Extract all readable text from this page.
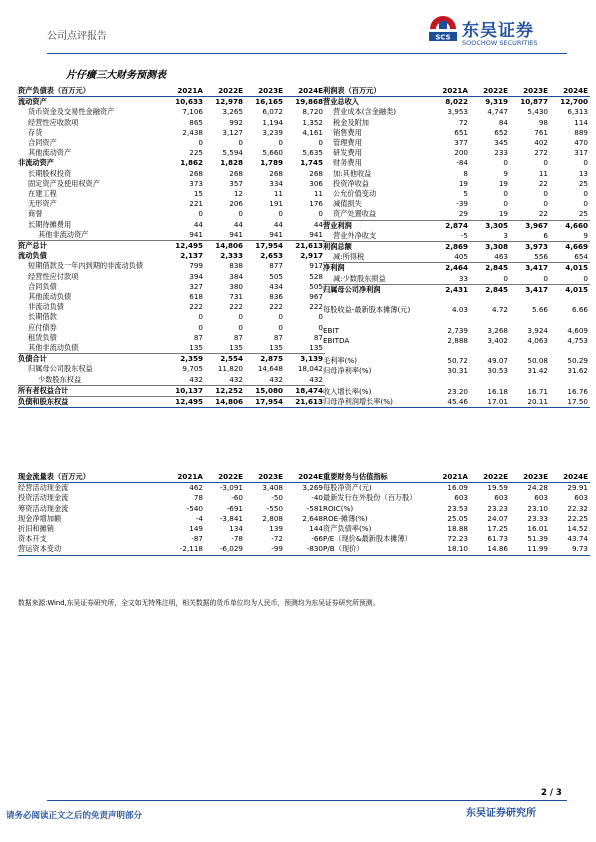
公司点评报告	SCS 东吴证券
SOOCHOW SECURITIES
片仔癀三大财务预测表
资产负债表（百万元）	2021A	2022E	2023E	2024E
流动资产	10,633	12,978	16,165	19,868
货币资金及交易性金融资产	7,106	3,265	6,072	8,720
经营性应收款项	865	992	1,194	1,352
存货	2,438	3,127	3,239	4,161
合同资产	0	0	0	0
其他流动资产	225	5,594	5,660	5,635
非流动资产	1,862	1,828	1,789	1,745
长期股权投资	268	268	268	268
固定资产及使用权资产	373	357	334	306
在建工程	15	12	11	11
无形资产	221	206	191	176
商誉	0	0	0	0
长期待摊费用	44	44	44	44
其他非流动资产	941	941	941	941
资产总计	12,495	14,806	17,954	21,613
流动负债	2,137	2,333	2,653	2,917
短期借款及一年内到期的非流动负债	799	838	877	917
经营性应付款项	394	384	505	528
合同负债	327	380	434	505
其他流动负债	618	731	836	967
非流动负债	222	222	222	222
长期借款	0	0	0	0
应付债券	0	0	0	0
租赁负债	87	87	87	87
其他非流动负债	135	135	135	135
负债合计	2,359	2,554	2,875	3,139
归属母公司股东权益	9,705	11,820	14,648	18,042
少数股东权益	432	432	432	432
所有者权益合计	10,137	12,252	15,080	18,474
负债和股东权益	12,495	14,806	17,954	21,613
利润表（百万元）	2021A	2022E	2023E	2024E
营业总收入	8,022	9,319	10,877	12,700
营业成本(含金融类)	3,953	4,747	5,430	6,313
税金及附加	72	84	98	114
销售费用	651	652	761	889
管理费用	377	345	402	470
研发费用	200	233	272	317
财务费用	-84	0	0	0
加:其他收益	8	9	11	13
投资净收益	19	19	22	25
公允价值变动	5	0	0	0
减值损失	-39	0	0	0
资产处置收益	29	19	22	25
营业利润	2,874	3,305	3,967	4,660
营业外净收支	-5	3	6	9
利润总额	2,869	3,308	3,973	4,669
减:所得税	405	463	556	654
净利润	2,464	2,845	3,417	4,015
减:少数股东损益	33	0	0	0
归属母公司净利润	2,431	2,845	3,417	4,015

每股收益-最新股本摊薄(元)	4.03	4.72	5.66	6.66

EBIT	2,739	3,268	3,924	4,609
EBITDA	2,888	3,402	4,063	4,753

毛利率(%)	50.72	49.07	50.08	50.29
归母净利率(%)	30.31	30.53	31.42	31.62

收入增长率(%)	23.20	16.18	16.71	16.76
归母净利润增长率(%)	45.46	17.01	20.11	17.50
现金流量表（百万元）	2021A	2022E	2023E	2024E
经营活动现金流	462	-3,091	3,408	3,269
投资活动现金流	78	-60	-50	-40
筹资活动现金流	-540	-691	-550	-581
现金净增加额	-4	-3,841	2,808	2,648
折旧和摊销	149	134	139	144
资本开支	-87	-78	-72	-66
营运资本变动	-2,118	-6,029	-99	-830
重要财务与估值指标	2021A	2022E	2023E	2024E
每股净资产(元)	16.09	19.59	24.28	29.91
最新发行在外股份（百万股）	603	603	603	603
ROIC(%)	23.53	23.23	23.10	22.32
ROE-摊薄(%)	25.05	24.07	23.33	22.25
资产负债率(%)	18.88	17.25	16.01	14.52
P/E（现价&最新股本摊薄）	72.23	61.73	51.39	43.74
P/B（现价）	18.10	14.86	11.99	9.73
数据来源:Wind,东吴证券研究所，全文如无特殊注明，相关数据的货币单位均为人民币，预测均为东吴证券研究所预测。
2 / 3
请务必阅读正文之后的免责声明部分	东吴证券研究所
